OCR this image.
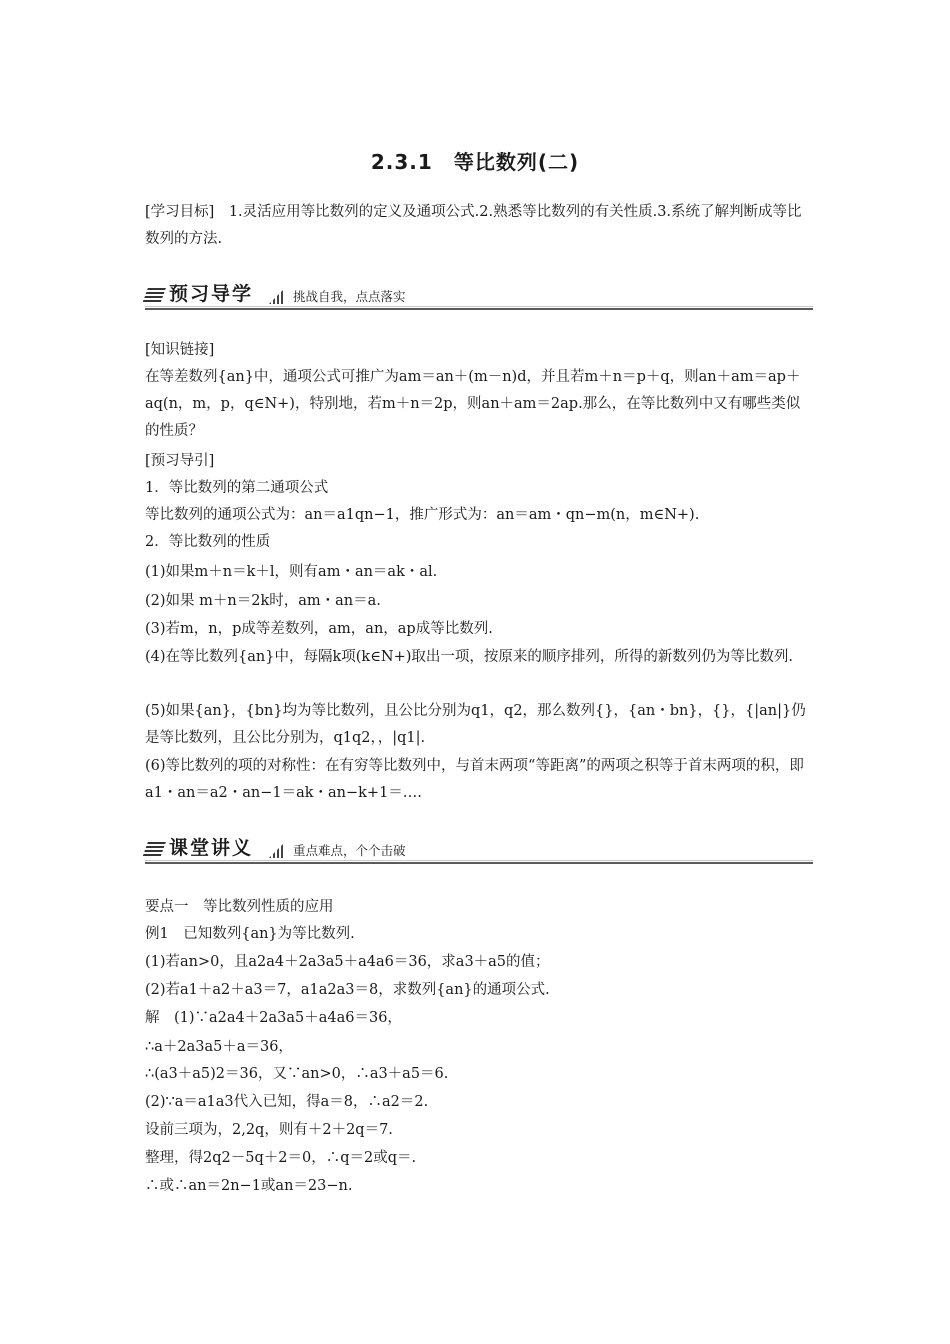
2.3.1　等比数列(二)
[学习目标]　1.灵活应用等比数列的定义及通项公式.2.熟悉等比数列的有关性质.3.系统了解判断成等比数列的方法.
预习导学	挑战自我，点点落实
[知识链接]
在等差数列{an}中，通项公式可推广为am＝an＋(m－n)d，并且若m＋n＝p＋q，则an＋am＝ap＋aq(n，m，p，q∈N+)，特别地，若m＋n＝2p，则an＋am＝2ap.那么，在等比数列中又有哪些类似的性质？
[预习导引]
1．等比数列的第二通项公式
等比数列的通项公式为：an＝a1qn−1，推广形式为：an＝am・qn−m(n，m∈N+).
2．等比数列的性质
(1)如果m＋n＝k＋l，则有am・an＝ak・al.
(2)如果 m＋n＝2k时，am・an＝a.
(3)若m，n，p成等差数列，am，an，ap成等比数列.
(4)在等比数列{an}中，每隔k项(k∈N+)取出一项，按原来的顺序排列，所得的新数列仍为等比数列.
(5)如果{an}，{bn}均为等比数列，且公比分别为q1，q2，那么数列{}，{an・bn}，{}，{|an|}仍是等比数列，且公比分别为，q1q2，，|q1|.
(6)等比数列的项的对称性：在有穷等比数列中，与首末两项“等距离”的两项之积等于首末两项的积，即a1・an＝a2・an−1＝ak・an−k+1＝….
课堂讲义	重点难点，个个击破
要点一　等比数列性质的应用
例1　已知数列{an}为等比数列.
(1)若an>0，且a2a4＋2a3a5＋a4a6＝36，求a3＋a5的值；
(2)若a1＋a2＋a3＝7，a1a2a3＝8，求数列{an}的通项公式.
解　(1)∵a2a4＋2a3a5＋a4a6＝36，
∴a＋2a3a5＋a＝36，
∴(a3＋a5)2＝36，又∵an>0，∴a3＋a5＝6.
(2)∵a＝a1a3代入已知，得a＝8，∴a2＝2.
设前三项为，2,2q，则有＋2＋2q＝7.
整理，得2q2－5q＋2＝0，∴q＝2或q＝.
∴或∴an＝2n−1或an＝23−n.
